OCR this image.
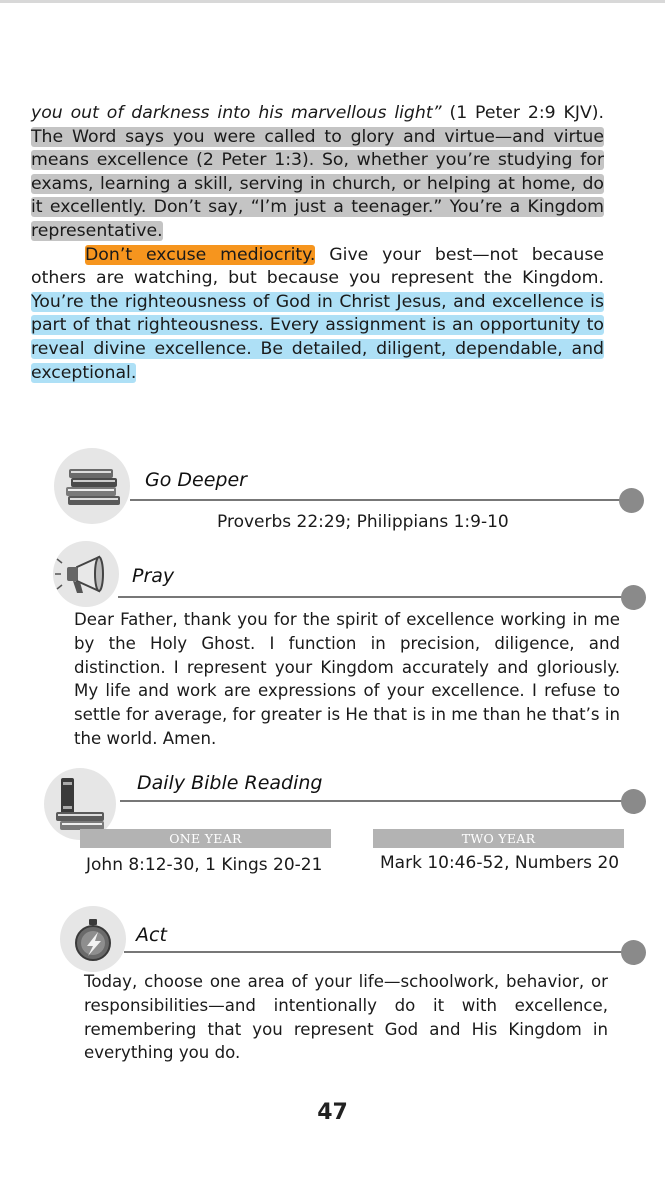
you out of darkness into his marvellous light” (1 Peter 2:9 KJV). The Word says you were called to glory and virtue—and virtue means excellence (2 Peter 1:3). So, whether you’re studying for exams, learning a skill, serving in church, or helping at home, do it excellently. Don’t say, “I’m just a teenager.” You’re a Kingdom representative.

Don’t excuse mediocrity. Give your best—not because others are watching, but because you represent the Kingdom. You’re the righteousness of God in Christ Jesus, and excellence is part of that righteousness. Every assignment is an opportunity to reveal divine excellence. Be detailed, diligent, dependable, and exceptional.

Go Deeper
Proverbs 22:29; Philippians 1:9-10
Pray

Dear Father, thank you for the spirit of excellence working in me by the Holy Ghost. I function in precision, diligence, and distinction. I represent your Kingdom accurately and gloriously. My life and work are expressions of your excellence. I refuse to settle for average, for greater is He that is in me than he that’s in the world. Amen.

Daily Bible Reading
ONE YEAR	TWO YEAR
John 8:12-30, 1 Kings 20-21	Mark 10:46-52, Numbers 20
Act

Today, choose one area of your life—schoolwork, behavior, or responsibilities—and intentionally do it with excellence, remembering that you represent God and His Kingdom in everything you do.

47
